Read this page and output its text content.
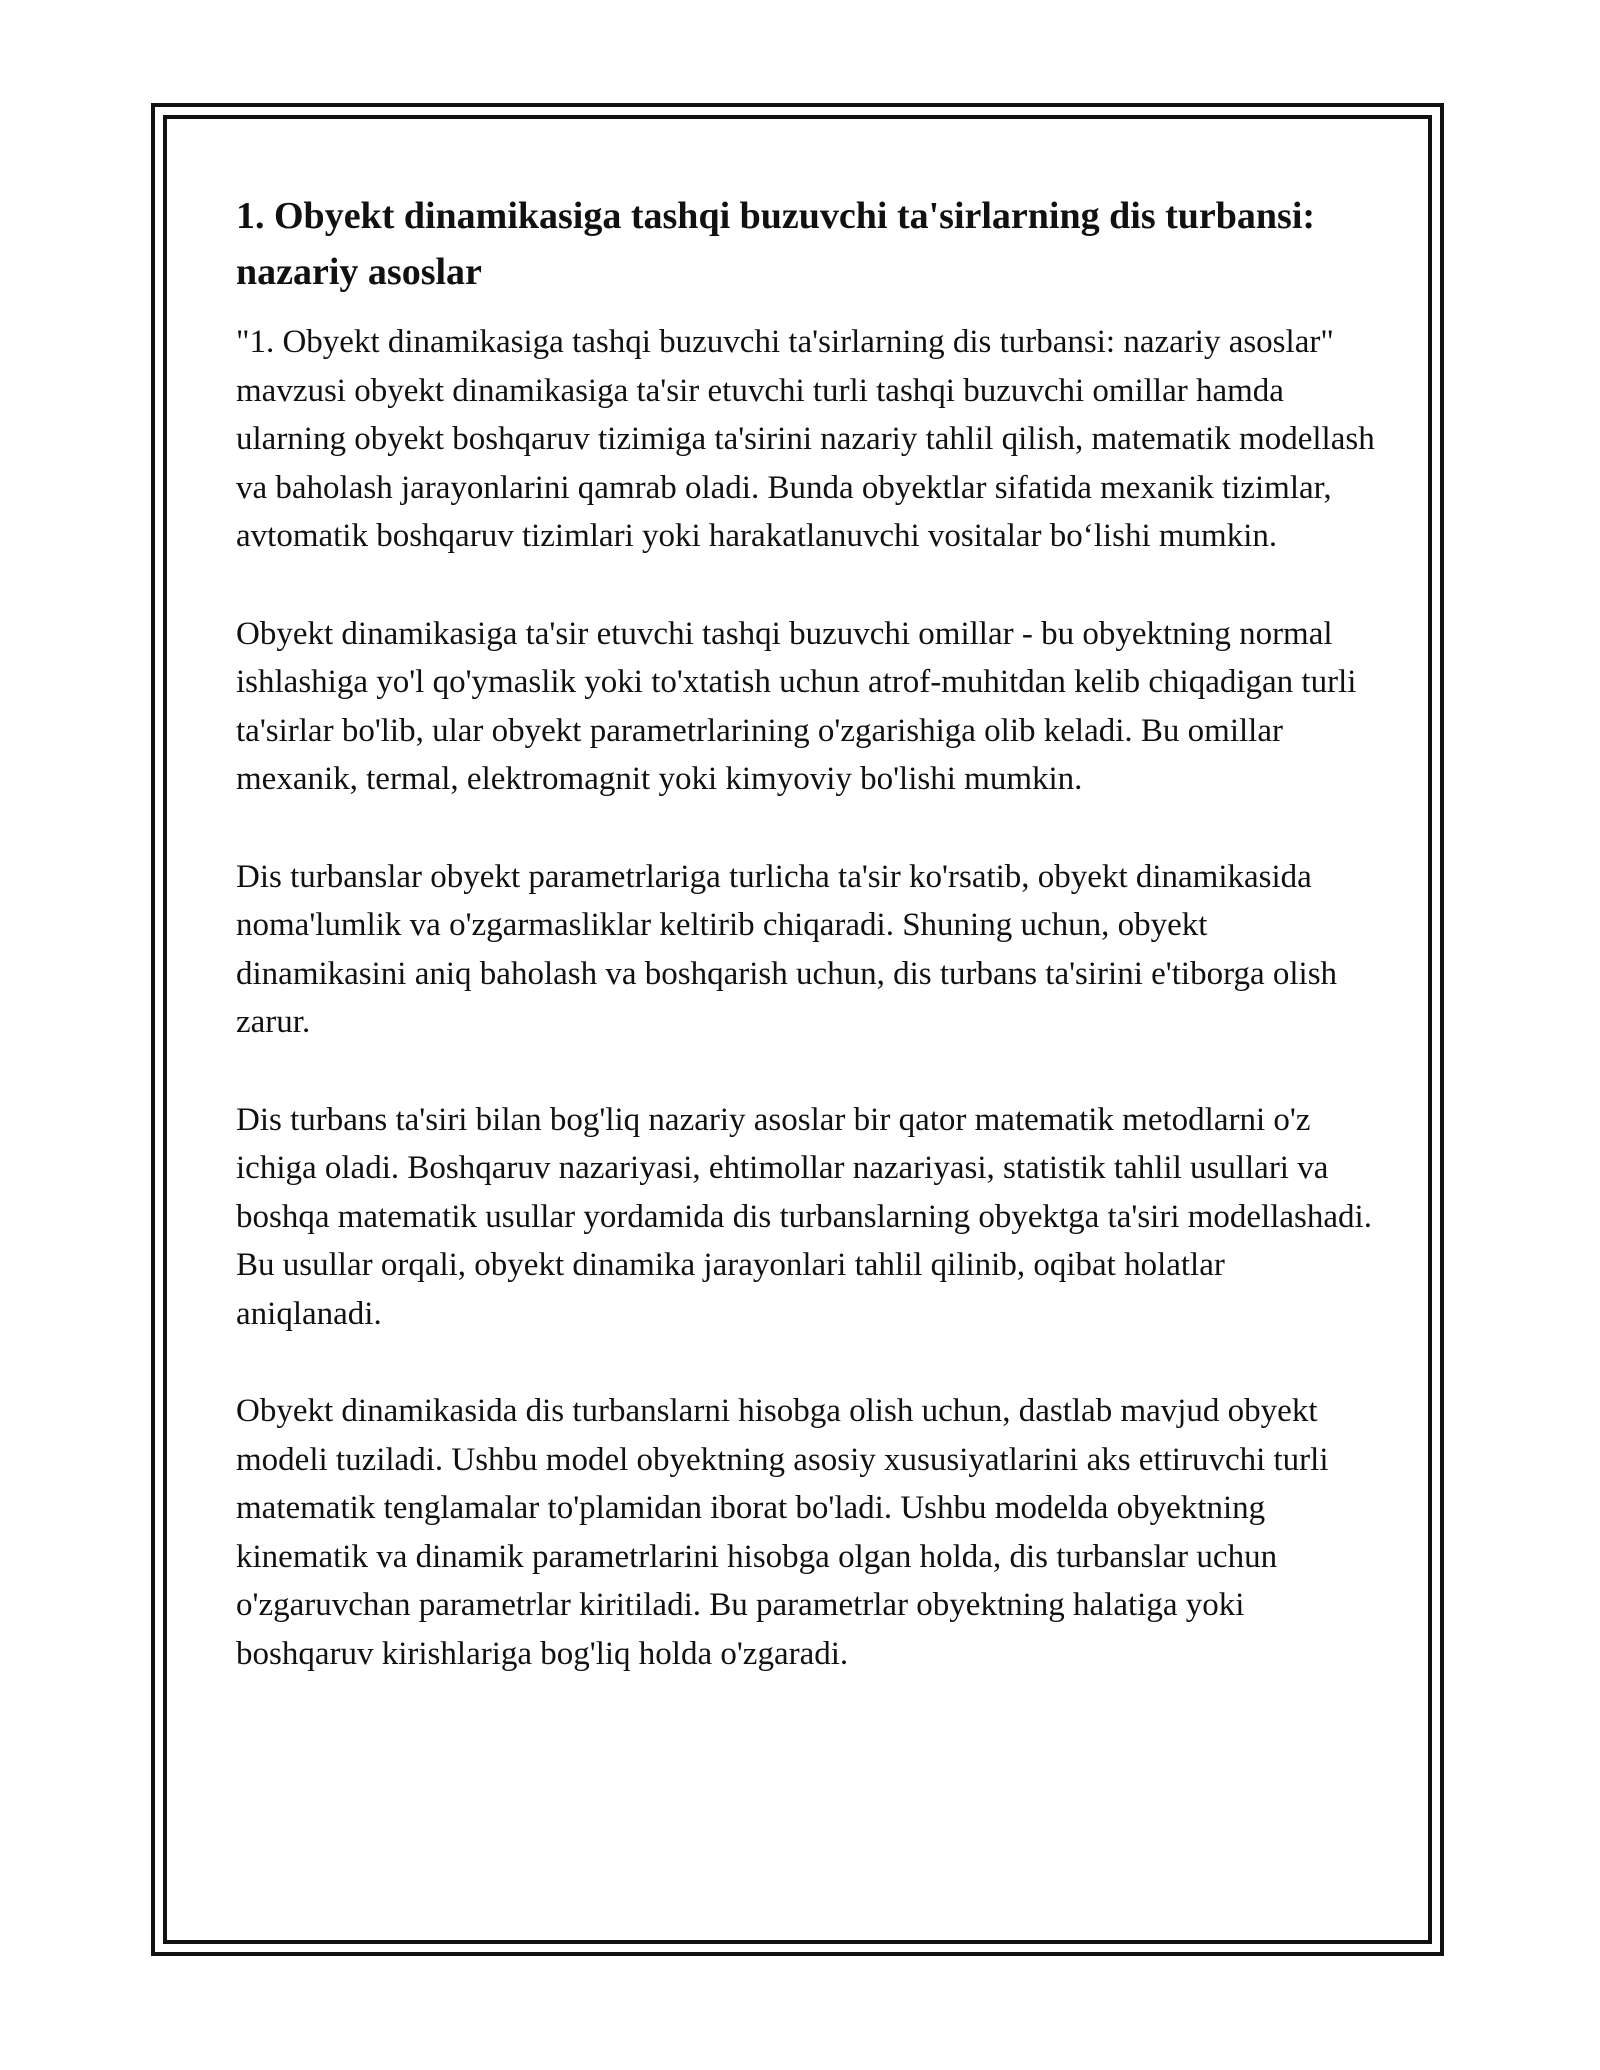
1. Obyekt dinamikasiga tashqi buzuvchi ta'sirlarning dis turbansi: nazariy asoslar

"1. Obyekt dinamikasiga tashqi buzuvchi ta'sirlarning dis turbansi: nazariy asoslar" mavzusi obyekt dinamikasiga ta'sir etuvchi turli tashqi buzuvchi omillar hamda ularning obyekt boshqaruv tizimiga ta'sirini nazariy tahlil qilish, matematik modellash va baholash jarayonlarini qamrab oladi. Bunda obyektlar sifatida mexanik tizimlar, avtomatik boshqaruv tizimlari yoki harakatlanuvchi vositalar bo‘lishi mumkin.

Obyekt dinamikasiga ta'sir etuvchi tashqi buzuvchi omillar - bu obyektning normal ishlashiga yo'l qo'ymaslik yoki to'xtatish uchun atrof-muhitdan kelib chiqadigan turli ta'sirlar bo'lib, ular obyekt parametrlarining o'zgarishiga olib keladi. Bu omillar mexanik, termal, elektromagnit yoki kimyoviy bo'lishi mumkin.

Dis turbanslar obyekt parametrlariga turlicha ta'sir ko'rsatib, obyekt dinamikasida noma'lumlik va o'zgarmasliklar keltirib chiqaradi. Shuning uchun, obyekt dinamikasini aniq baholash va boshqarish uchun, dis turbans ta'sirini e'tiborga olish zarur.

Dis turbans ta'siri bilan bog'liq nazariy asoslar bir qator matematik metodlarni o'z ichiga oladi. Boshqaruv nazariyasi, ehtimollar nazariyasi, statistik tahlil usullari va boshqa matematik usullar yordamida dis turbanslarning obyektga ta'siri modellashadi. Bu usullar orqali, obyekt dinamika jarayonlari tahlil qilinib, oqibat holatlar aniqlanadi.

Obyekt dinamikasida dis turbanslarni hisobga olish uchun, dastlab mavjud obyekt modeli tuziladi. Ushbu model obyektning asosiy xususiyatlarini aks ettiruvchi turli matematik tenglamalar to'plamidan iborat bo'ladi. Ushbu modelda obyektning kinematik va dinamik parametrlarini hisobga olgan holda, dis turbanslar uchun o'zgaruvchan parametrlar kiritiladi. Bu parametrlar obyektning halatiga yoki boshqaruv kirishlariga bog'liq holda o'zgaradi.
